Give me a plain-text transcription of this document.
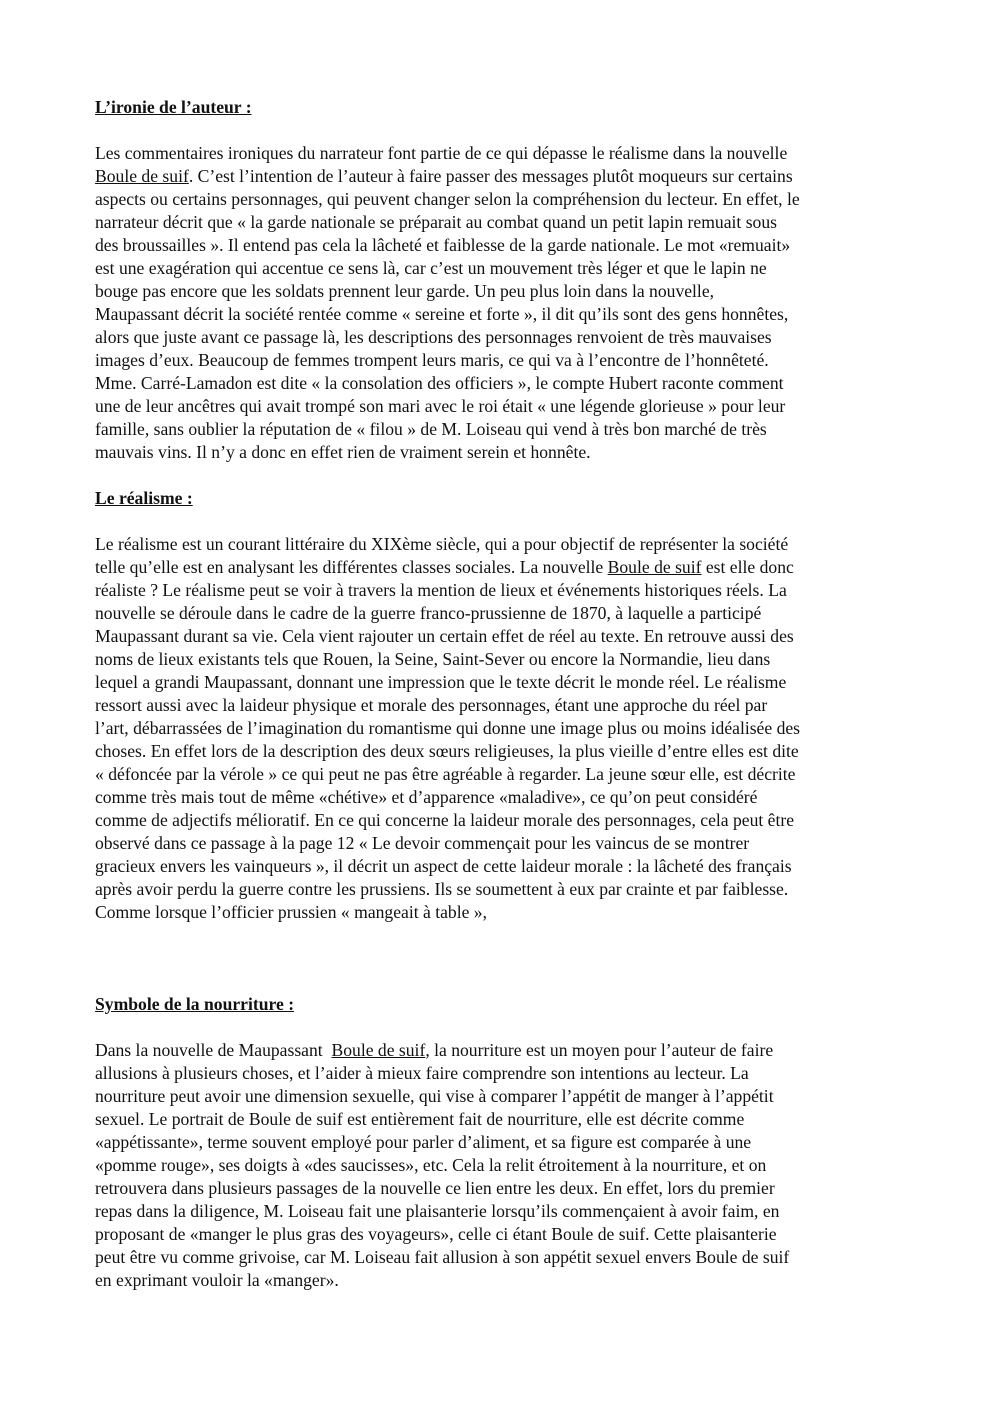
L’ironie de l’auteur :

Les commentaires ironiques du narrateur font partie de ce qui dépasse le réalisme dans la nouvelle
Boule de suif. C’est l’intention de l’auteur à faire passer des messages plutôt moqueurs sur certains
aspects ou certains personnages, qui peuvent changer selon la compréhension du lecteur. En effet, le
narrateur décrit que « la garde nationale se préparait au combat quand un petit lapin remuait sous
des broussailles ». Il entend pas cela la lâcheté et faiblesse de la garde nationale. Le mot «remuait»
est une exagération qui accentue ce sens là, car c’est un mouvement très léger et que le lapin ne
bouge pas encore que les soldats prennent leur garde. Un peu plus loin dans la nouvelle,
Maupassant décrit la société rentée comme « sereine et forte », il dit qu’ils sont des gens honnêtes,
alors que juste avant ce passage là, les descriptions des personnages renvoient de très mauvaises
images d’eux. Beaucoup de femmes trompent leurs maris, ce qui va à l’encontre de l’honnêteté.
Mme. Carré-Lamadon est dite « la consolation des officiers », le compte Hubert raconte comment
une de leur ancêtres qui avait trompé son mari avec le roi était « une légende glorieuse » pour leur
famille, sans oublier la réputation de « filou » de M. Loiseau qui vend à très bon marché de très
mauvais vins. Il n’y a donc en effet rien de vraiment serein et honnête.

Le réalisme :

Le réalisme est un courant littéraire du XIXème siècle, qui a pour objectif de représenter la société
telle qu’elle est en analysant les différentes classes sociales. La nouvelle Boule de suif est elle donc
réaliste ? Le réalisme peut se voir à travers la mention de lieux et événements historiques réels. La
nouvelle se déroule dans le cadre de la guerre franco-prussienne de 1870, à laquelle a participé
Maupassant durant sa vie. Cela vient rajouter un certain effet de réel au texte. En retrouve aussi des
noms de lieux existants tels que Rouen, la Seine, Saint-Sever ou encore la Normandie, lieu dans
lequel a grandi Maupassant, donnant une impression que le texte décrit le monde réel. Le réalisme
ressort aussi avec la laideur physique et morale des personnages, étant une approche du réel par
l’art, débarrassées de l’imagination du romantisme qui donne une image plus ou moins idéalisée des
choses. En effet lors de la description des deux sœurs religieuses, la plus vieille d’entre elles est dite
« défoncée par la vérole » ce qui peut ne pas être agréable à regarder. La jeune sœur elle, est décrite
comme très mais tout de même «chétive» et d’apparence «maladive», ce qu’on peut considéré
comme de adjectifs mélioratif. En ce qui concerne la laideur morale des personnages, cela peut être
observé dans ce passage à la page 12 « Le devoir commençait pour les vaincus de se montrer
gracieux envers les vainqueurs », il décrit un aspect de cette laideur morale : la lâcheté des français
après avoir perdu la guerre contre les prussiens. Ils se soumettent à eux par crainte et par faiblesse.
Comme lorsque l’officier prussien « mangeait à table »,

Symbole de la nourriture :

Dans la nouvelle de Maupassant  Boule de suif, la nourriture est un moyen pour l’auteur de faire
allusions à plusieurs choses, et l’aider à mieux faire comprendre son intentions au lecteur. La
nourriture peut avoir une dimension sexuelle, qui vise à comparer l’appétit de manger à l’appétit
sexuel. Le portrait de Boule de suif est entièrement fait de nourriture, elle est décrite comme
«appétissante», terme souvent employé pour parler d’aliment, et sa figure est comparée à une
«pomme rouge», ses doigts à «des saucisses», etc. Cela la relit étroitement à la nourriture, et on
retrouvera dans plusieurs passages de la nouvelle ce lien entre les deux. En effet, lors du premier
repas dans la diligence, M. Loiseau fait une plaisanterie lorsqu’ils commençaient à avoir faim, en
proposant de «manger le plus gras des voyageurs», celle ci étant Boule de suif. Cette plaisanterie
peut être vu comme grivoise, car M. Loiseau fait allusion à son appétit sexuel envers Boule de suif
en exprimant vouloir la «manger».
